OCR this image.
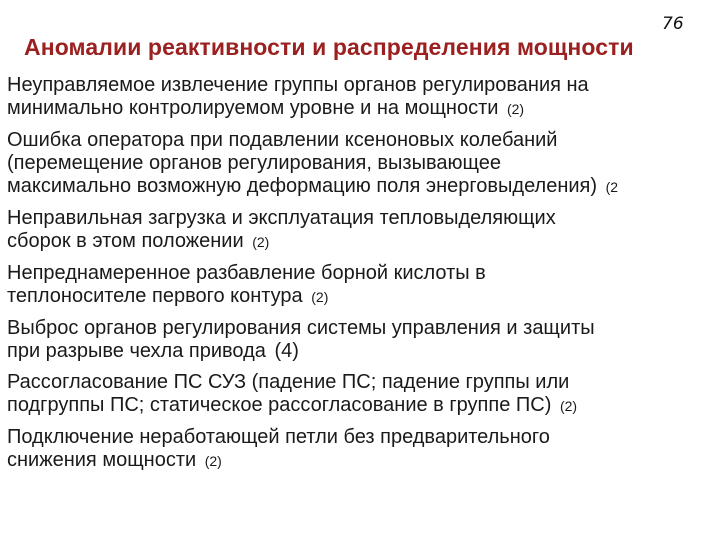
76
Аномалии реактивности и распределения мощности
Неуправляемое извлечение группы органов регулирования на
минимально контролируемом уровне и на мощности (2)
Ошибка оператора при подавлении ксеноновых колебаний
(перемещение органов регулирования, вызывающее
максимально возможную деформацию поля энерговыделения) (2
Неправильная загрузка и эксплуатация тепловыделяющих
сборок в этом положении (2)
Непреднамеренное разбавление борной кислоты в
теплоносителе первого контура (2)
Выброс органов регулирования системы управления и защиты
при разрыве чехла привода (4)
Рассогласование ПС СУЗ (падение ПС; падение группы или
подгруппы ПС; статическое рассогласование в группе ПС) (2)
Подключение неработающей петли без предварительного
снижения мощности (2)
